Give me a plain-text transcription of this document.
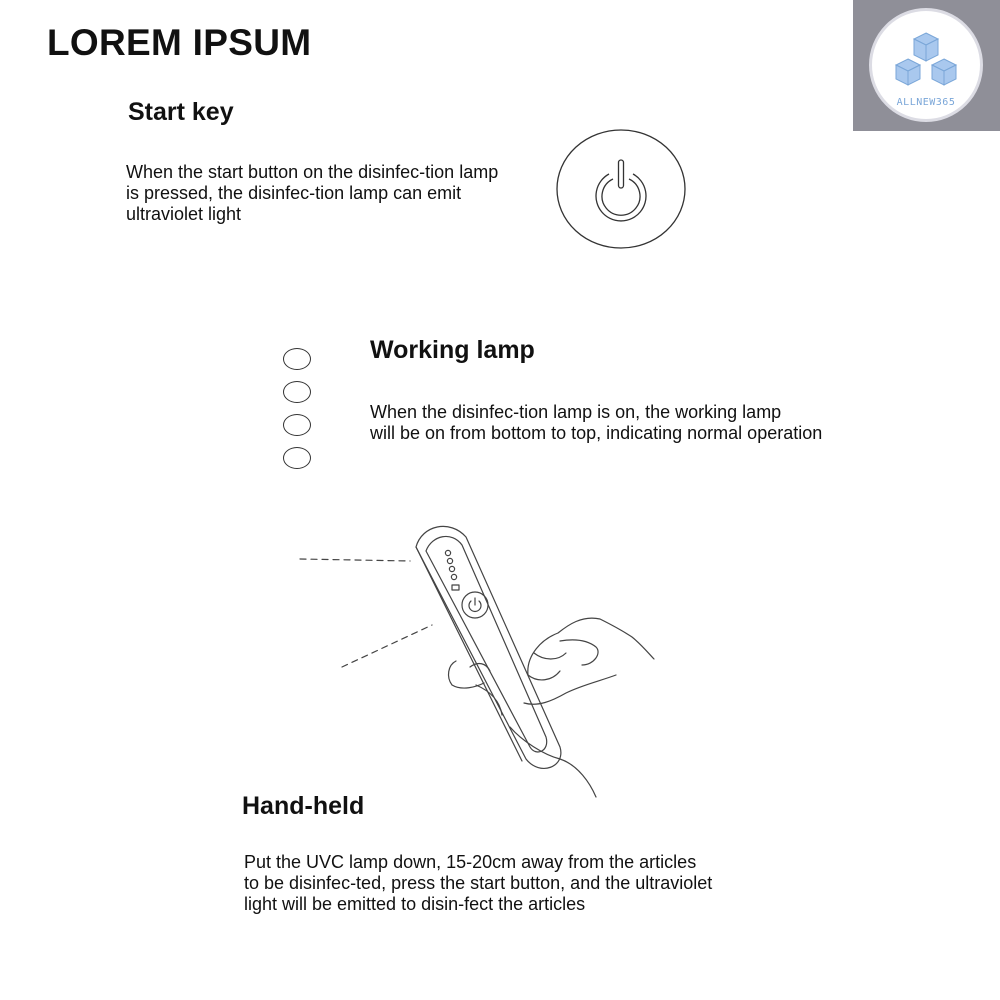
LOREM IPSUM
ALLNEW365
Start key
When the start button on the disinfec-tion lamp
is pressed, the disinfec-tion lamp can emit
ultraviolet light
Working lamp
When the disinfec-tion lamp is on, the working lamp
will be on from bottom to top, indicating normal operation
Hand-held
Put the UVC lamp down, 15-20cm away from the articles
to be disinfec-ted, press the start button, and the ultraviolet
light will be emitted to disin-fect the articles
